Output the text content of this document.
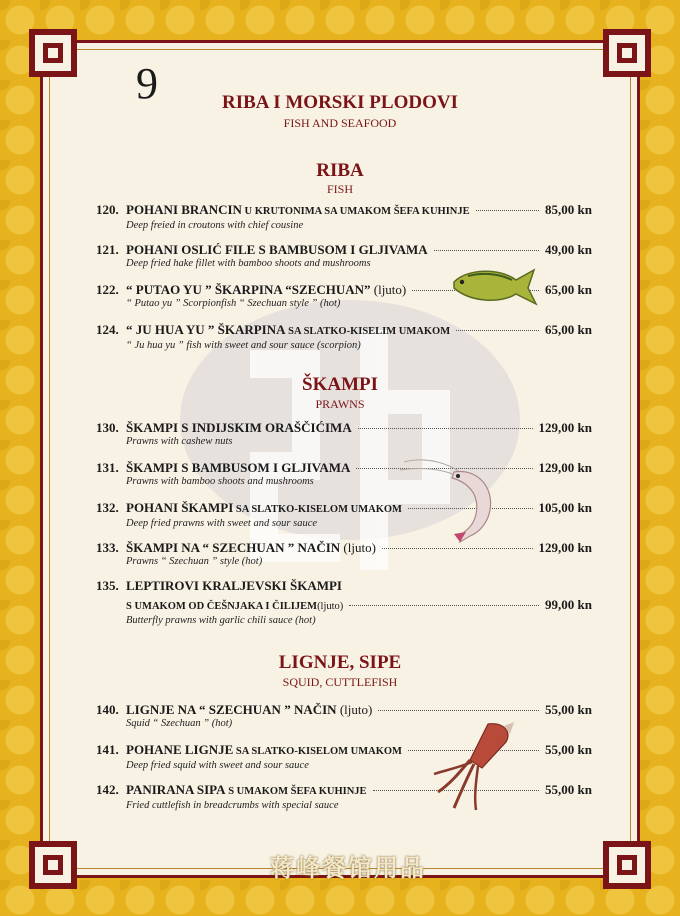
9	RIBA I MORSKI PLODOVI
FISH AND SEAFOOD
RIBA
FISH
120. POHANI BRANCIN U KRUTONIMA SA UMAKOM ŠEFA KUHINJE	85,00 kn
Deep freied in croutons with chief cousine
121. POHANI OSLIĆ FILE S BAMBUSOM I GLJIVAMA	49,00 kn
Deep fried hake fillet with bamboo shoots and mushrooms
122. “ PUTAO YU ” ŠKARPINA “SZECHUAN” (ljuto)	65,00 kn
“ Putao yu ” Scorpionfish “ Szechuan style ” (hot)
124. “ JU HUA YU ” ŠKARPINA SA SLATKO-KISELIM UMAKOM	65,00 kn
“ Ju hua yu ” fish with sweet and sour sauce (scorpion)
ŠKAMPI
PRAWNS
130. ŠKAMPI S INDIJSKIM ORAŠČIĆIMA	129,00 kn
Prawns with cashew nuts
131. ŠKAMPI S BAMBUSOM I GLJIVAMA	129,00 kn
Prawns with bamboo shoots and mushrooms
132. POHANI ŠKAMPI SA SLATKO-KISELOM UMAKOM	105,00 kn
Deep fried prawns with sweet and sour sauce
133. ŠKAMPI NA “ SZECHUAN ” NAČIN (ljuto)	129,00 kn
Prawns “ Szechuan ” style (hot)
135. LEPTIROVI KRALJEVSKI ŠKAMPI
S UMAKOM OD ČEŠNJAKA I ČILIJEM(ljuto)	99,00 kn
Butterfly prawns with garlic chili sauce (hot)
LIGNJE, SIPE
SQUID, CUTTLEFISH
140. LIGNJE NA “ SZECHUAN ” NAČIN (ljuto)	55,00 kn
Squid “ Szechuan ” (hot)
141. POHANE LIGNJE SA SLATKO-KISELOM UMAKOM	55,00 kn
Deep fried squid with sweet and sour sauce
142. PANIRANA SIPA S UMAKOM ŠEFA KUHINJE	55,00 kn
Fried cuttlefish in breadcrumbs with special sauce
蒋峰餐馆用品
